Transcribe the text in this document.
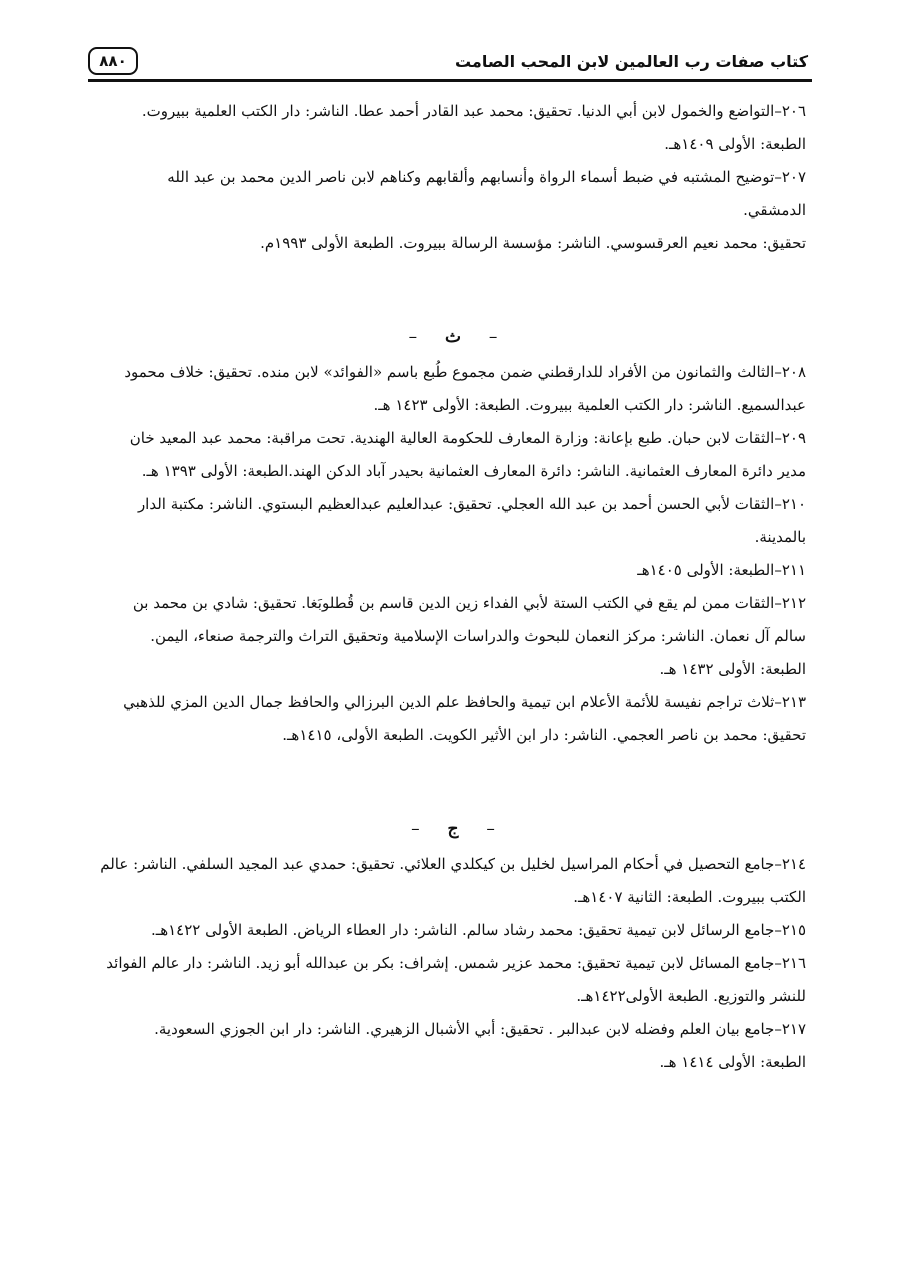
كتاب صفات رب العالمين لابن المحب الصامت
٨٨٠

٢٠٦–التواضع والخمول لابن أبي الدنيا. تحقيق: محمد عبد القادر أحمد عطا. الناشر: دار الكتب العلمية ببيروت.

الطبعة: الأولى ١٤٠٩هـ.

٢٠٧–توضيح المشتبه في ضبط أسماء الرواة وأنسابهم وألقابهم وكناهم لابن ناصر الدين محمد بن عبد الله الدمشقي.

تحقيق: محمد نعيم العرقسوسي. الناشر: مؤسسة الرسالة ببيروت. الطبعة الأولى ١٩٩٣م.

– ث –

٢٠٨–الثالث والثمانون من الأفراد للدارقطني ضمن مجموع طُبع باسم «الفوائد» لابن منده. تحقيق: خلاف محمود عبدالسميع. الناشر: دار الكتب العلمية ببيروت. الطبعة: الأولى ١٤٢٣ هـ.

٢٠٩–الثقات لابن حبان. طبع بإعانة: وزارة المعارف للحكومة العالية الهندية. تحت مراقبة: محمد عبد المعيد خان مدير دائرة المعارف العثمانية. الناشر: دائرة المعارف العثمانية بحيدر آباد الدكن الهند.الطبعة: الأولى ١٣٩٣ هـ.

٢١٠–الثقات لأبي الحسن أحمد بن عبد الله العجلي. تحقيق: عبدالعليم عبدالعظيم البستوي. الناشر: مكتبة الدار بالمدينة.

٢١١–الطبعة: الأولى ١٤٠٥هـ

٢١٢–الثقات ممن لم يقع في الكتب الستة لأبي الفداء زين الدين قاسم بن قُطلوبَغا. تحقيق: شادي بن محمد بن سالم آل نعمان. الناشر: مركز النعمان للبحوث والدراسات الإسلامية وتحقيق التراث والترجمة صنعاء، اليمن. الطبعة: الأولى ١٤٣٢ هـ.

٢١٣–ثلاث تراجم نفيسة للأئمة الأعلام ابن تيمية والحافظ علم الدين البرزالي والحافظ جمال الدين المزي للذهبي

تحقيق: محمد بن ناصر العجمي. الناشر: دار ابن الأثير الكويت. الطبعة الأولى، ١٤١٥هـ.

– ج –

٢١٤–جامع التحصيل في أحكام المراسيل لخليل بن كيكلدي العلائي. تحقيق: حمدي عبد المجيد السلفي. الناشر: عالم الكتب ببيروت. الطبعة: الثانية ١٤٠٧هـ.

٢١٥–جامع الرسائل لابن تيمية تحقيق: محمد رشاد سالم. الناشر: دار العطاء الرياض. الطبعة الأولى ١٤٢٢هـ.

٢١٦–جامع المسائل لابن تيمية تحقيق: محمد عزير شمس. إشراف: بكر بن عبدالله أبو زيد. الناشر: دار عالم الفوائد للنشر والتوزيع. الطبعة الأولى١٤٢٢هـ.

٢١٧–جامع بيان العلم وفضله لابن عبدالبر . تحقيق: أبي الأشبال الزهيري. الناشر: دار ابن الجوزي السعودية.

الطبعة: الأولى ١٤١٤ هـ.
